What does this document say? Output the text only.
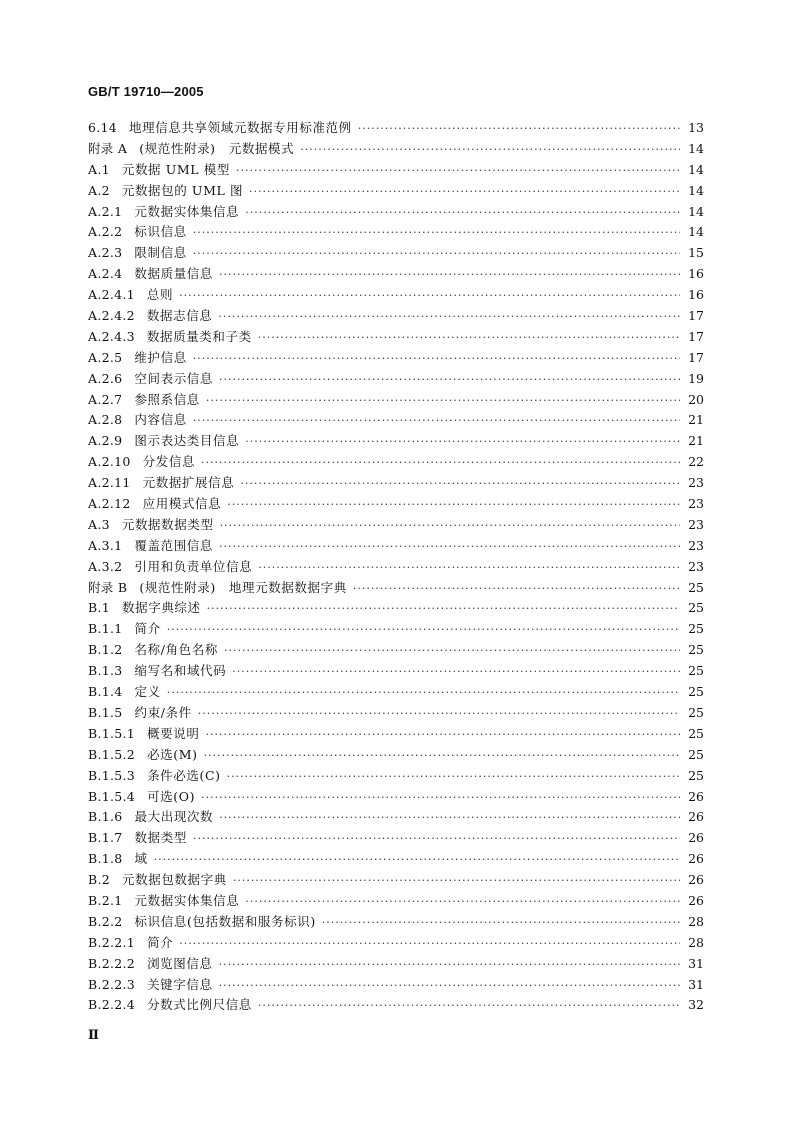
GB/T 19710—2005
6.14 地理信息共享领域元数据专用标准范例 ·····	13
附录 A (规范性附录)　元数据模式 ·····	14
A.1 元数据 UML 模型 ·····	14
A.2 元数据包的 UML 图 ·····	14
A.2.1 元数据实体集信息 ·····	14
A.2.2 标识信息 ·····	14
A.2.3 限制信息 ·····	15
A.2.4 数据质量信息 ·····	16
A.2.4.1 总则 ·····	16
A.2.4.2 数据志信息 ·····	17
A.2.4.3 数据质量类和子类 ·····	17
A.2.5 维护信息 ·····	17
A.2.6 空间表示信息 ·····	19
A.2.7 参照系信息 ·····	20
A.2.8 内容信息 ·····	21
A.2.9 图示表达类目信息 ·····	21
A.2.10 分发信息 ·····	22
A.2.11 元数据扩展信息 ·····	23
A.2.12 应用模式信息 ·····	23
A.3 元数据数据类型 ·····	23
A.3.1 覆盖范围信息 ·····	23
A.3.2 引用和负责单位信息 ·····	23
附录 B (规范性附录)　地理元数据数据字典 ·····	25
B.1 数据字典综述 ·····	25
B.1.1 简介 ·····	25
B.1.2 名称/角色名称 ·····	25
B.1.3 缩写名和域代码 ·····	25
B.1.4 定义 ·····	25
B.1.5 约束/条件 ·····	25
B.1.5.1 概要说明 ·····	25
B.1.5.2 必选(M) ·····	25
B.1.5.3 条件必选(C) ·····	25
B.1.5.4 可选(O) ·····	26
B.1.6 最大出现次数 ·····	26
B.1.7 数据类型 ·····	26
B.1.8 域 ·····	26
B.2 元数据包数据字典 ·····	26
B.2.1 元数据实体集信息 ·····	26
B.2.2 标识信息(包括数据和服务标识) ·····	28
B.2.2.1 简介 ·····	28
B.2.2.2 浏览图信息 ·····	31
B.2.2.3 关键字信息 ·····	31
B.2.2.4 分数式比例尺信息 ·····	32
Ⅱ
